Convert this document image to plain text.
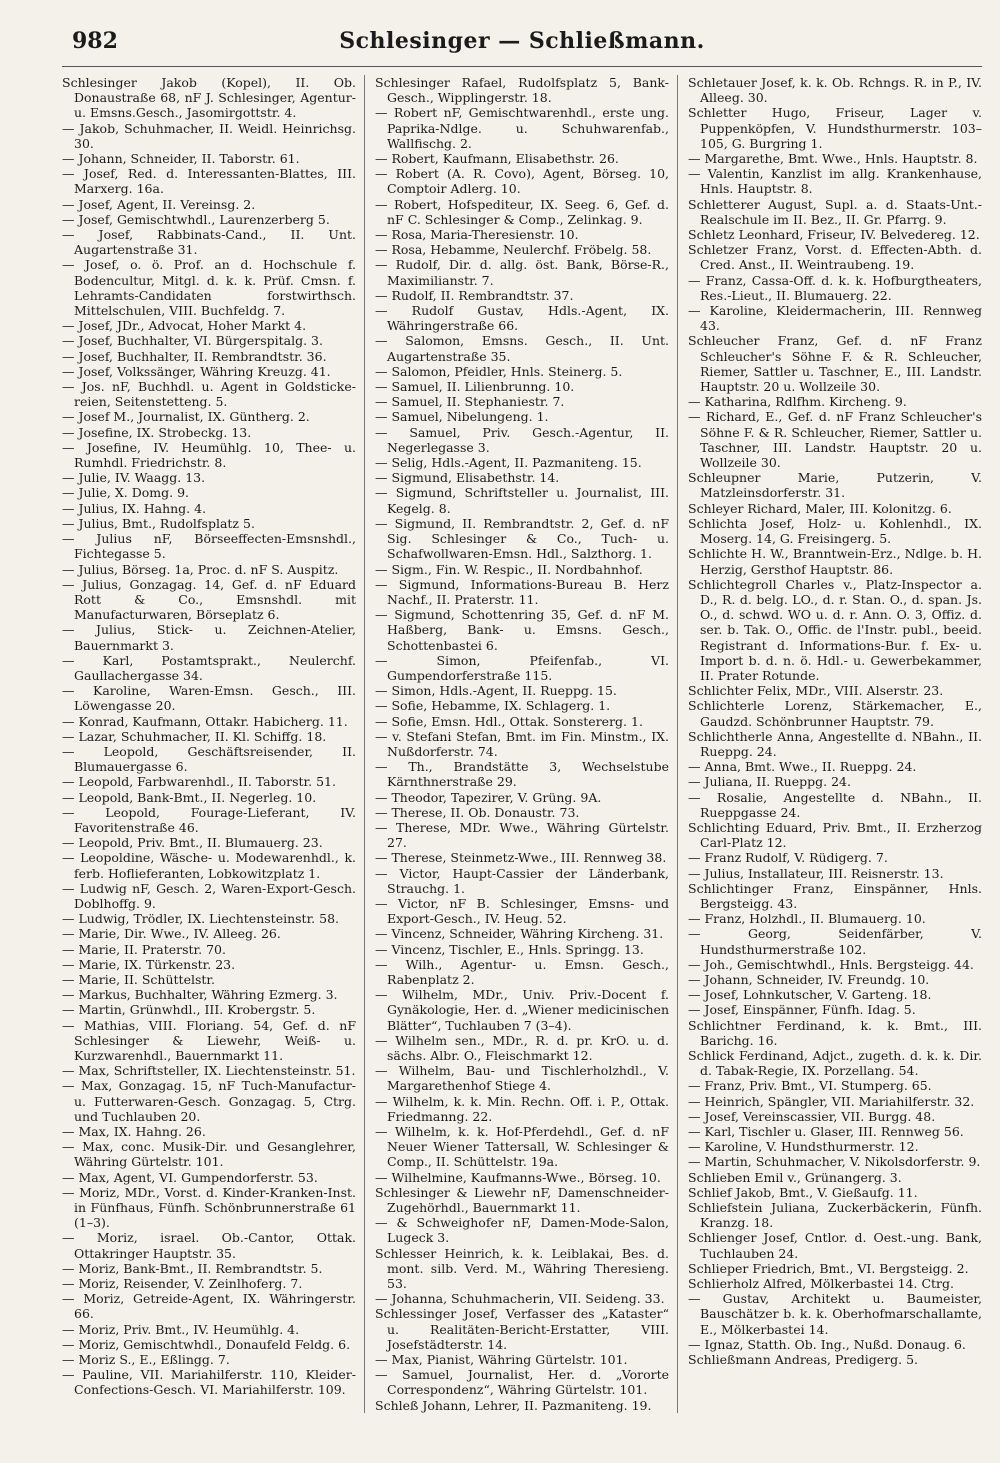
982	Schlesinger — Schließmann.

Schlesinger Jakob (Kopel), II. Ob. Donaustraße 68, nF J. Schlesinger, Agentur- u. Emsns.Gesch., Jasomirgottstr. 4.

— Jakob, Schuhmacher, II. Weidl. Heinrichsg. 30.

— Johann, Schneider, II. Taborstr. 61.

— Josef, Red. d. Interessanten-Blattes, III. Marxerg. 16a.

— Josef, Agent, II. Vereinsg. 2.

— Josef, Gemischtwhdl., Laurenzerberg 5.

— Josef, Rabbinats-Cand., II. Unt. Augartenstraße 31.

— Josef, o. ö. Prof. an d. Hochschule f. Bodencultur, Mitgl. d. k. k. Prüf. Cmsn. f. Lehramts-Candidaten forstwirthsch. Mittelschulen, VIII. Buchfeldg. 7.

— Josef, JDr., Advocat, Hoher Markt 4.

— Josef, Buchhalter, VI. Bürgerspitalg. 3.

— Josef, Buchhalter, II. Rembrandtstr. 36.

— Josef, Volkssänger, Währing Kreuzg. 41.

— Jos. nF, Buchhdl. u. Agent in Goldsticke-reien, Seitenstetteng. 5.

— Josef M., Journalist, IX. Güntherg. 2.

— Josefine, IX. Strobeckg. 13.

— Josefine, IV. Heumühlg. 10, Thee- u. Rumhdl. Friedrichstr. 8.

— Julie, IV. Waagg. 13.

— Julie, X. Domg. 9.

— Julius, IX. Hahng. 4.

— Julius, Bmt., Rudolfsplatz 5.

— Julius nF, Börseeffecten-Emsnshdl., Fichtegasse 5.

— Julius, Börseg. 1a, Proc. d. nF S. Auspitz.

— Julius, Gonzagag. 14, Gef. d. nF Eduard Rott & Co., Emsnshdl. mit Manufacturwaren, Börseplatz 6.

— Julius, Stick- u. Zeichnen-Atelier, Bauernmarkt 3.

— Karl, Postamtsprakt., Neulerchf. Gaullachergasse 34.

— Karoline, Waren-Emsn. Gesch., III. Löwengasse 20.

— Konrad, Kaufmann, Ottakr. Habicherg. 11.

— Lazar, Schuhmacher, II. Kl. Schiffg. 18.

— Leopold, Geschäftsreisender, II. Blumauergasse 6.

— Leopold, Farbwarenhdl., II. Taborstr. 51.

— Leopold, Bank-Bmt., II. Negerleg. 10.

— Leopold, Fourage-Lieferant, IV. Favoritenstraße 46.

— Leopold, Priv. Bmt., II. Blumauerg. 23.

— Leopoldine, Wäsche- u. Modewarenhdl., k. ferb. Hoflieferanten, Lobkowitzplatz 1.

— Ludwig nF, Gesch. 2, Waren-Export-Gesch. Doblhoffg. 9.

— Ludwig, Trödler, IX. Liechtensteinstr. 58.

— Marie, Dir. Wwe., IV. Alleeg. 26.

— Marie, II. Praterstr. 70.

— Marie, IX. Türkenstr. 23.

— Marie, II. Schüttelstr.

— Markus, Buchhalter, Währing Ezmerg. 3.

— Martin, Grünwhdl., III. Krobergstr. 5.

— Mathias, VIII. Floriang. 54, Gef. d. nF Schlesinger & Liewehr, Weiß- u. Kurzwarenhdl., Bauernmarkt 11.

— Max, Schriftsteller, IX. Liechtensteinstr. 51.

— Max, Gonzagag. 15, nF Tuch-Manufactur- u. Futterwaren-Gesch. Gonzagag. 5, Ctrg. und Tuchlauben 20.

— Max, IX. Hahng. 26.

— Max, conc. Musik-Dir. und Gesanglehrer, Währing Gürtelstr. 101.

— Max, Agent, VI. Gumpendorferstr. 53.

— Moriz, MDr., Vorst. d. Kinder-Kranken-Inst. in Fünfhaus, Fünfh. Schönbrunnerstraße 61 (1–3).

— Moriz, israel. Ob.-Cantor, Ottak. Ottakringer Hauptstr. 35.

— Moriz, Bank-Bmt., II. Rembrandtstr. 5.

— Moriz, Reisender, V. Zeinlhoferg. 7.

— Moriz, Getreide-Agent, IX. Währingerstr. 66.

— Moriz, Priv. Bmt., IV. Heumühlg. 4.

— Moriz, Gemischtwhdl., Donaufeld Feldg. 6.

— Moriz S., E., Eßlingg. 7.

— Pauline, VII. Mariahilferstr. 110, Kleider-Confections-Gesch. VI. Mariahilferstr. 109.

Schlesinger Rafael, Rudolfsplatz 5, Bank-Gesch., Wipplingerstr. 18.

— Robert nF, Gemischtwarenhdl., erste ung. Paprika-Ndlge. u. Schuhwarenfab., Wallfischg. 2.

— Robert, Kaufmann, Elisabethstr. 26.

— Robert (A. R. Covo), Agent, Börseg. 10, Comptoir Adlerg. 10.

— Robert, Hofspediteur, IX. Seeg. 6, Gef. d. nF C. Schlesinger & Comp., Zelinkag. 9.

— Rosa, Maria-Theresienstr. 10.

— Rosa, Hebamme, Neulerchf. Fröbelg. 58.

— Rudolf, Dir. d. allg. öst. Bank, Börse-R., Maximilianstr. 7.

— Rudolf, II. Rembrandtstr. 37.

— Rudolf Gustav, Hdls.-Agent, IX. Währingerstraße 66.

— Salomon, Emsns. Gesch., II. Unt. Augartenstraße 35.

— Salomon, Pfeidler, Hnls. Steinerg. 5.

— Samuel, II. Lilienbrunng. 10.

— Samuel, II. Stephaniestr. 7.

— Samuel, Nibelungeng. 1.

— Samuel, Priv. Gesch.-Agentur, II. Negerlegasse 3.

— Selig, Hdls.-Agent, II. Pazmaniteng. 15.

— Sigmund, Elisabethstr. 14.

— Sigmund, Schriftsteller u. Journalist, III. Kegelg. 8.

— Sigmund, II. Rembrandtstr. 2, Gef. d. nF Sig. Schlesinger & Co., Tuch- u. Schafwollwaren-Emsn. Hdl., Salzthorg. 1.

— Sigm., Fin. W. Respic., II. Nordbahnhof.

— Sigmund, Informations-Bureau B. Herz Nachf., II. Praterstr. 11.

— Sigmund, Schottenring 35, Gef. d. nF M. Haßberg, Bank- u. Emsns. Gesch., Schottenbastei 6.

— Simon, Pfeifenfab., VI. Gumpendorferstraße 115.

— Simon, Hdls.-Agent, II. Rueppg. 15.

— Sofie, Hebamme, IX. Schlagerg. 1.

— Sofie, Emsn. Hdl., Ottak. Sonstererg. 1.

— v. Stefani Stefan, Bmt. im Fin. Minstm., IX. Nußdorferstr. 74.

— Th., Brandstätte 3, Wechselstube Kärnthnerstraße 29.

— Theodor, Tapezirer, V. Grüng. 9A.

— Therese, II. Ob. Donaustr. 73.

— Therese, MDr. Wwe., Währing Gürtelstr. 27.

— Therese, Steinmetz-Wwe., III. Rennweg 38.

— Victor, Haupt-Cassier der Länderbank, Strauchg. 1.

— Victor, nF B. Schlesinger, Emsns- und Export-Gesch., IV. Heug. 52.

— Vincenz, Schneider, Währing Kircheng. 31.

— Vincenz, Tischler, E., Hnls. Springg. 13.

— Wilh., Agentur- u. Emsn. Gesch., Rabenplatz 2.

— Wilhelm, MDr., Univ. Priv.-Docent f. Gynäkologie, Her. d. „Wiener medicinischen Blätter“, Tuchlauben 7 (3–4).

— Wilhelm sen., MDr., R. d. pr. KrO. u. d. sächs. Albr. O., Fleischmarkt 12.

— Wilhelm, Bau- und Tischlerholzhdl., V. Margarethenhof Stiege 4.

— Wilhelm, k. k. Min. Rechn. Off. i. P., Ottak. Friedmanng. 22.

— Wilhelm, k. k. Hof-Pferdehdl., Gef. d. nF Neuer Wiener Tattersall, W. Schlesinger & Comp., II. Schüttelstr. 19a.

— Wilhelmine, Kaufmanns-Wwe., Börseg. 10.

Schlesinger & Liewehr nF, Damenschneider-Zugehörhdl., Bauernmarkt 11.

— & Schweighofer nF, Damen-Mode-Salon, Lugeck 3.

Schlesser Heinrich, k. k. Leiblakai, Bes. d. mont. silb. Verd. M., Währing Theresieng. 53.

— Johanna, Schuhmacherin, VII. Seideng. 33.

Schlessinger Josef, Verfasser des „Kataster“ u. Realitäten-Bericht-Erstatter, VIII. Josefstädterstr. 14.

— Max, Pianist, Währing Gürtelstr. 101.

— Samuel, Journalist, Her. d. „Vororte Correspondenz“, Währing Gürtelstr. 101.

Schleß Johann, Lehrer, II. Pazmaniteng. 19.

Schletauer Josef, k. k. Ob. Rchngs. R. in P., IV. Alleeg. 30.

Schletter Hugo, Friseur, Lager v. Puppenköpfen, V. Hundsthurmerstr. 103–105, G. Burgring 1.

— Margarethe, Bmt. Wwe., Hnls. Hauptstr. 8.

— Valentin, Kanzlist im allg. Krankenhause, Hnls. Hauptstr. 8.

Schletterer August, Supl. a. d. Staats-Unt.-Realschule im II. Bez., II. Gr. Pfarrg. 9.

Schletz Leonhard, Friseur, IV. Belvedereg. 12.

Schletzer Franz, Vorst. d. Effecten-Abth. d. Cred. Anst., II. Weintraubeng. 19.

— Franz, Cassa-Off. d. k. k. Hofburgtheaters, Res.-Lieut., II. Blumauerg. 22.

— Karoline, Kleidermacherin, III. Rennweg 43.

Schleucher Franz, Gef. d. nF Franz Schleucher's Söhne F. & R. Schleucher, Riemer, Sattler u. Taschner, E., III. Landstr. Hauptstr. 20 u. Wollzeile 30.

— Katharina, Rdlfhm. Kircheng. 9.

— Richard, E., Gef. d. nF Franz Schleucher's Söhne F. & R. Schleucher, Riemer, Sattler u. Taschner, III. Landstr. Hauptstr. 20 u. Wollzeile 30.

Schleupner Marie, Putzerin, V. Matzleinsdorferstr. 31.

Schleyer Richard, Maler, III. Kolonitzg. 6.

Schlichta Josef, Holz- u. Kohlenhdl., IX. Moserg. 14, G. Freisingerg. 5.

Schlichte H. W., Branntwein-Erz., Ndlge. b. H. Herzig, Gersthof Hauptstr. 86.

Schlichtegroll Charles v., Platz-Inspector a. D., R. d. belg. LO., d. r. Stan. O., d. span. Js. O., d. schwd. WO u. d. r. Ann. O. 3, Offiz. d. ser. b. Tak. O., Offic. de l'Instr. publ., beeid. Registrant d. Informations-Bur. f. Ex- u. Import b. d. n. ö. Hdl.- u. Gewerbekammer, II. Prater Rotunde.

Schlichter Felix, MDr., VIII. Alserstr. 23.

Schlichterle Lorenz, Stärkemacher, E., Gaudzd. Schönbrunner Hauptstr. 79.

Schlichtherle Anna, Angestellte d. NBahn., II. Rueppg. 24.

— Anna, Bmt. Wwe., II. Rueppg. 24.

— Juliana, II. Rueppg. 24.

— Rosalie, Angestellte d. NBahn., II. Rueppgasse 24.

Schlichting Eduard, Priv. Bmt., II. Erzherzog Carl-Platz 12.

— Franz Rudolf, V. Rüdigerg. 7.

— Julius, Installateur, III. Reisnerstr. 13.

Schlichtinger Franz, Einspänner, Hnls. Bergsteigg. 43.

— Franz, Holzhdl., II. Blumauerg. 10.

— Georg, Seidenfärber, V. Hundsthurmerstraße 102.

— Joh., Gemischtwhdl., Hnls. Bergsteigg. 44.

— Johann, Schneider, IV. Freundg. 10.

— Josef, Lohnkutscher, V. Garteng. 18.

— Josef, Einspänner, Fünfh. Idag. 5.

Schlichtner Ferdinand, k. k. Bmt., III. Barichg. 16.

Schlick Ferdinand, Adjct., zugeth. d. k. k. Dir. d. Tabak-Regie, IX. Porzellang. 54.

— Franz, Priv. Bmt., VI. Stumperg. 65.

— Heinrich, Spängler, VII. Mariahilferstr. 32.

— Josef, Vereinscassier, VII. Burgg. 48.

— Karl, Tischler u. Glaser, III. Rennweg 56.

— Karoline, V. Hundsthurmerstr. 12.

— Martin, Schuhmacher, V. Nikolsdorferstr. 9.

Schlieben Emil v., Grünangerg. 3.

Schlief Jakob, Bmt., V. Gießaufg. 11.

Schliefstein Juliana, Zuckerbäckerin, Fünfh. Kranzg. 18.

Schlienger Josef, Cntlor. d. Oest.-ung. Bank, Tuchlauben 24.

Schlieper Friedrich, Bmt., VI. Bergsteigg. 2.

Schlierholz Alfred, Mölkerbastei 14. Ctrg.

— Gustav, Architekt u. Baumeister, Bauschätzer b. k. k. Oberhofmarschallamte, E., Mölkerbastei 14.

— Ignaz, Statth. Ob. Ing., Nußd. Donaug. 6.

Schließmann Andreas, Predigerg. 5.
